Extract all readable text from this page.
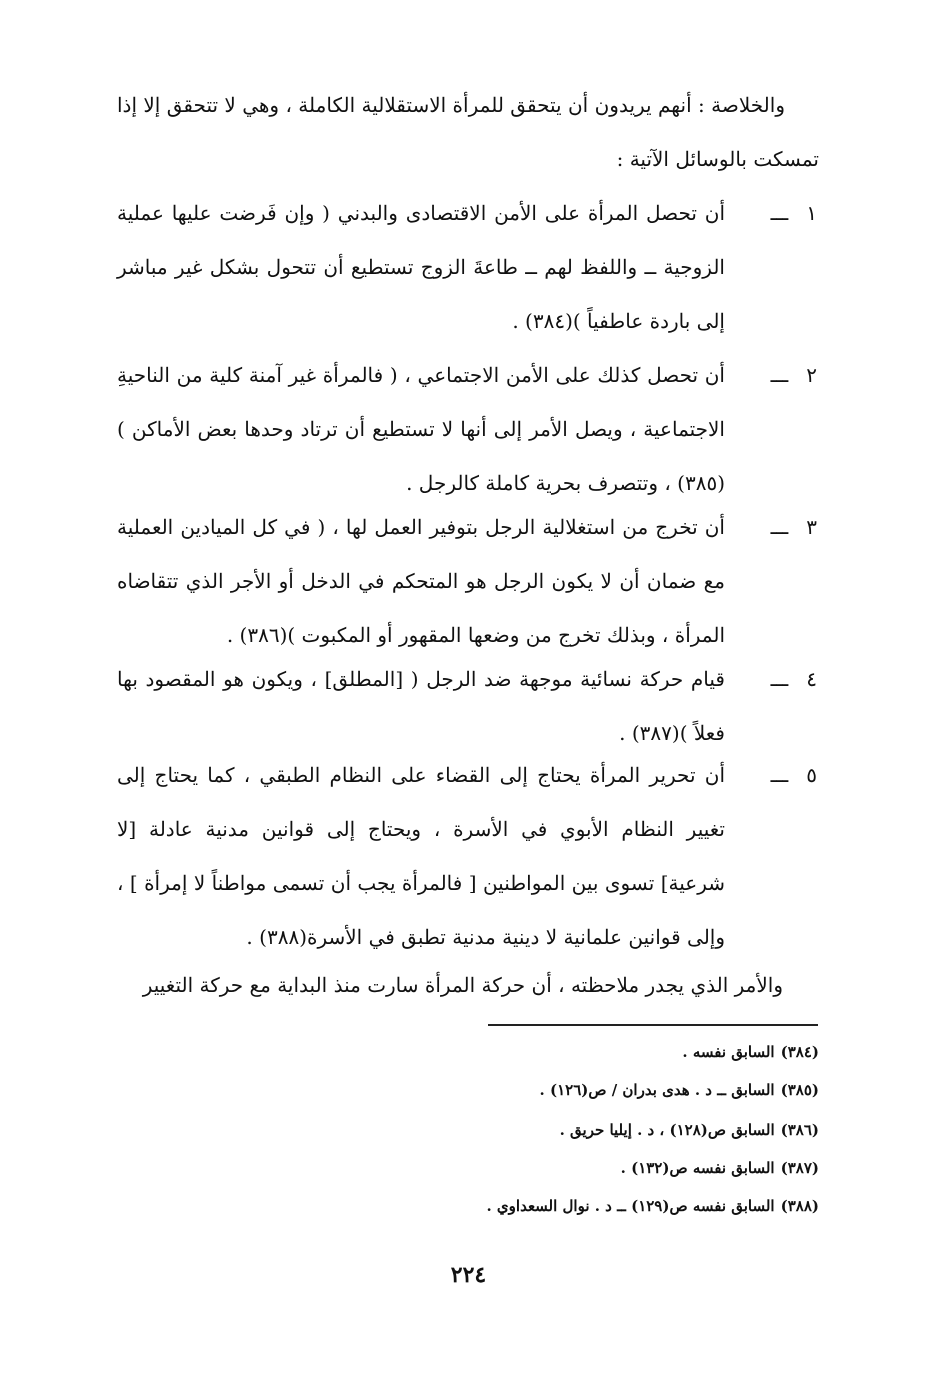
والخلاصة : أنهم يريدون أن يتحقق للمرأة الاستقلالية الكاملة ، وهي لا تتحقق إلا إذا تمسكت بالوسائل الآتية :

١
ـــ
أن تحصل المرأة على الأمن الاقتصادى والبدني ( وإن فَرضت عليها عملية الزوجية ــ واللفظ لهم ــ طاعةَ الزوج تستطيع أن تتحول بشكل غير مباشر إلى باردة عاطفياً )(٣٨٤) .
٢
ـــ
أن تحصل كذلك على الأمن الاجتماعي ، ( فالمرأة غير آمنة كلية من الناحيةِ الاجتماعية ، ويصل الأمر إلى أنها لا تستطيع أن ترتاد وحدها بعض الأماكن )(٣٨٥) ، وتتصرف بحرية كاملة كالرجل .
٣
ـــ
أن تخرج من استغلالية الرجل بتوفير العمل لها ، ( في كل الميادين العملية مع ضمان أن لا يكون الرجل هو المتحكم في الدخل أو الأجر الذي تتقاضاه المرأة ، وبذلك تخرج من وضعها المقهور أو المكبوت )(٣٨٦) .
٤
ـــ
قيام حركة نسائية موجهة ضد الرجل ( [المطلق] ، ويكون هو المقصود بها فعلاً )(٣٨٧) .
٥
ـــ
أن تحرير المرأة يحتاج إلى القضاء على النظام الطبقي ، كما يحتاج إلى تغيير النظام الأبوي في الأسرة ، ويحتاج إلى قوانين مدنية عادلة [لا شرعية] تسوى بين المواطنين [ فالمرأة يجب أن تسمى مواطناً لا إمرأة ] ، وإلى قوانين علمانية لا دينية مدنية تطبق في الأسرة(٣٨٨) .

والأمر الذي يجدر ملاحظته ، أن حركة المرأة سارت منذ البداية مع حركة التغيير

(٣٨٤)السابق نفسه .
(٣٨٥)السابق ــ د . هدى بدران / ص(١٢٦) .
(٣٨٦)السابق ص(١٢٨) ، د . إيليا حريق .
(٣٨٧)السابق نفسه ص(١٣٢) .
(٣٨٨)السابق نفسه ص(١٢٩) ــ د . نوال السعداوي .
٢٢٤
